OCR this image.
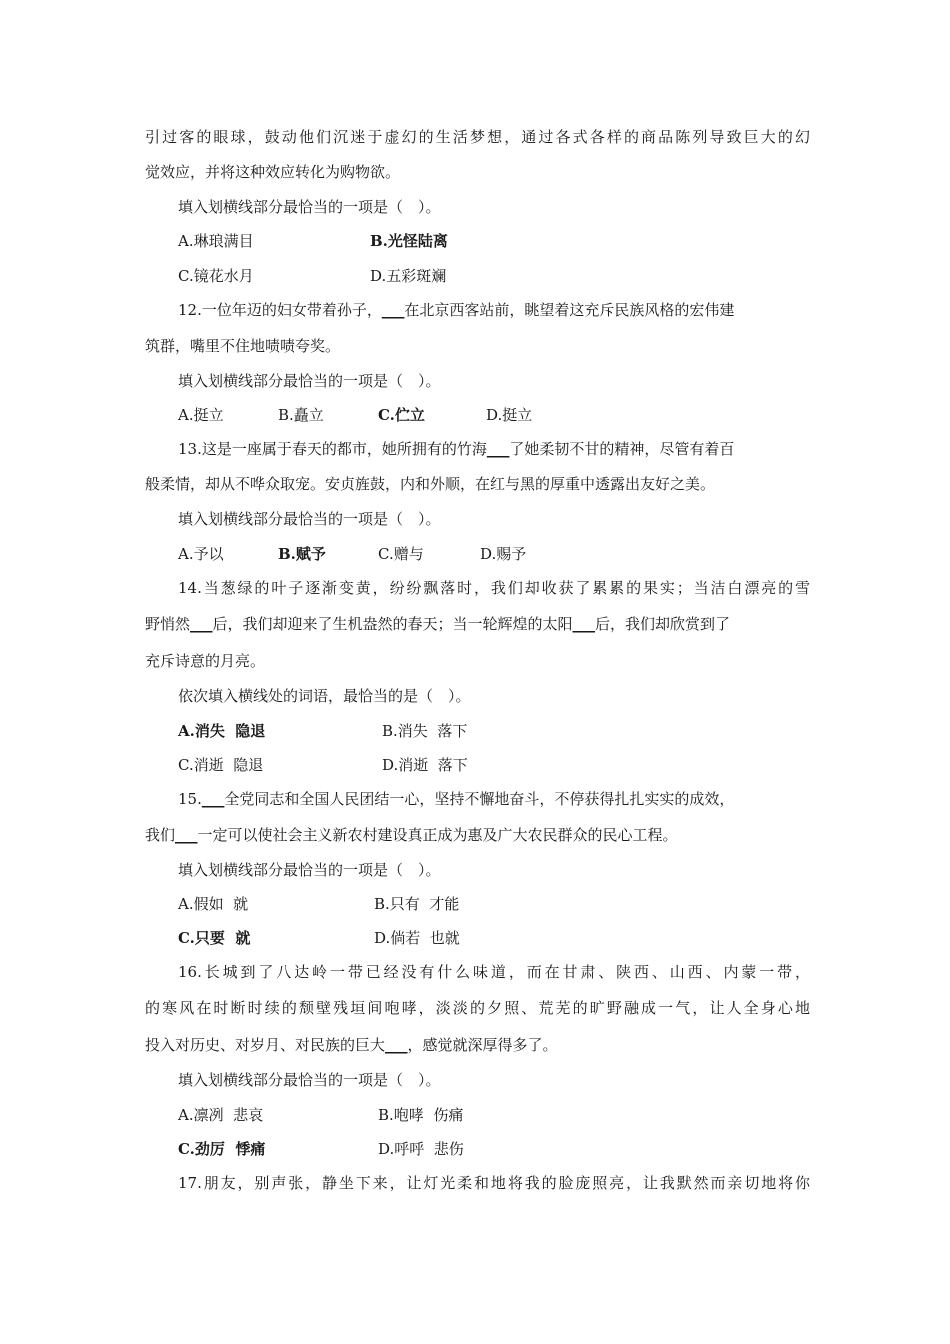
引过客的眼球，鼓动他们沉迷于虚幻的生活梦想，通过各式各样的商品陈列导致巨大的幻
觉效应，并将这种效应转化为购物欲。
填入划横线部分最恰当的一项是（　）。
A.琳琅满目	B.光怪陆离
C.镜花水月	D.五彩斑斓
12.一位年迈的妇女带着孙子，___在北京西客站前，眺望着这充斥民族风格的宏伟建
筑群，嘴里不住地啧啧夸奖。
填入划横线部分最恰当的一项是（　）。
A.挺立	B.矗立	C.伫立	D.挺立
13.这是一座属于春天的都市，她所拥有的竹海___了她柔韧不甘的精神，尽管有着百
般柔情，却从不哗众取宠。安贞旌鼓，内和外顺，在红与黑的厚重中透露出友好之美。
填入划横线部分最恰当的一项是（　）。
A.予以	B.赋予	C.赠与	D.赐予
14.当葱绿的叶子逐渐变黄，纷纷飘落时，我们却收获了累累的果实；当洁白漂亮的雪
野悄然___后，我们却迎来了生机盎然的春天；当一轮辉煌的太阳___后，我们却欣赏到了
充斥诗意的月亮。
依次填入横线处的词语，最恰当的是（　）。
A.消失  隐退	B.消失  落下
C.消逝  隐退	D.消逝  落下
15.___全党同志和全国人民团结一心，坚持不懈地奋斗，不停获得扎扎实实的成效，
我们___一定可以使社会主义新农村建设真正成为惠及广大农民群众的民心工程。
填入划横线部分最恰当的一项是（　）。
A.假如  就	B.只有  才能
C.只要  就	D.倘若  也就
16.长城到了八达岭一带已经没有什么味道，而在甘肃、陕西、山西、内蒙一带，
的寒风在时断时续的颓壁残垣间咆哮，淡淡的夕照、荒芜的旷野融成一气，让人全身心地
投入对历史、对岁月、对民族的巨大___，感觉就深厚得多了。
填入划横线部分最恰当的一项是（　）。
A.凛冽  悲哀	B.咆哮  伤痛
C.劲厉  悸痛	D.呼呼  悲伤
17.朋友，别声张，静坐下来，让灯光柔和地将我的脸庞照亮，让我默然而亲切地将你
